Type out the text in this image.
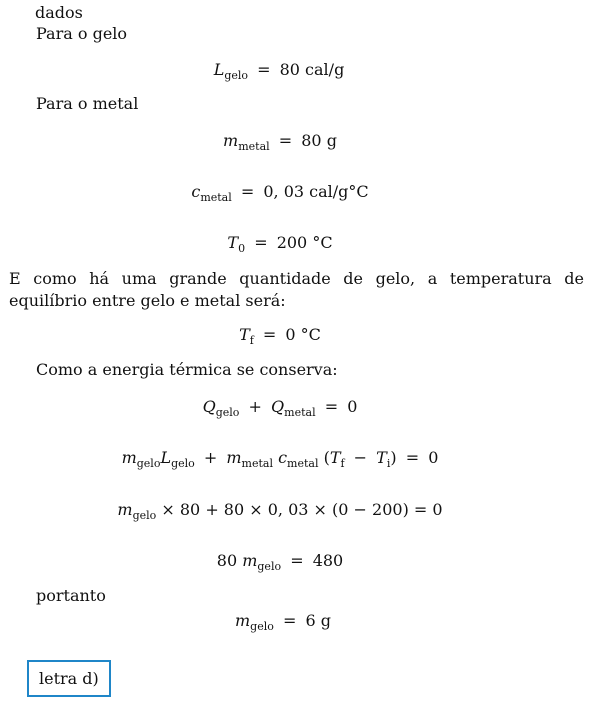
dados
Para o gelo
$L_{gelo} = 80$ cal/g
Para o metal
$m_{metal} = 80$ g
$c_{metal} = 0$, 03 cal/g°C
$T_0 = 200$ °C
E como há uma grande quantidade de gelo, a temperatura de equilíbrio entre gelo e metal será:
$T_f = 0$ °C
Como a energia térmica se conserva:
$Q_{gelo} + Q_{metal} = 0$
$m_{gelo}L_{gelo} + m_{metal}$ $c_{metal}$ $(T_f - T_i) = 0$
$m_{gelo} \times 80 + 80 \times 0$, 03 × (0 − 200) = 0
80 $m_{gelo} = 480$
portanto
$m_{gelo} = 6$ g
letra d)
